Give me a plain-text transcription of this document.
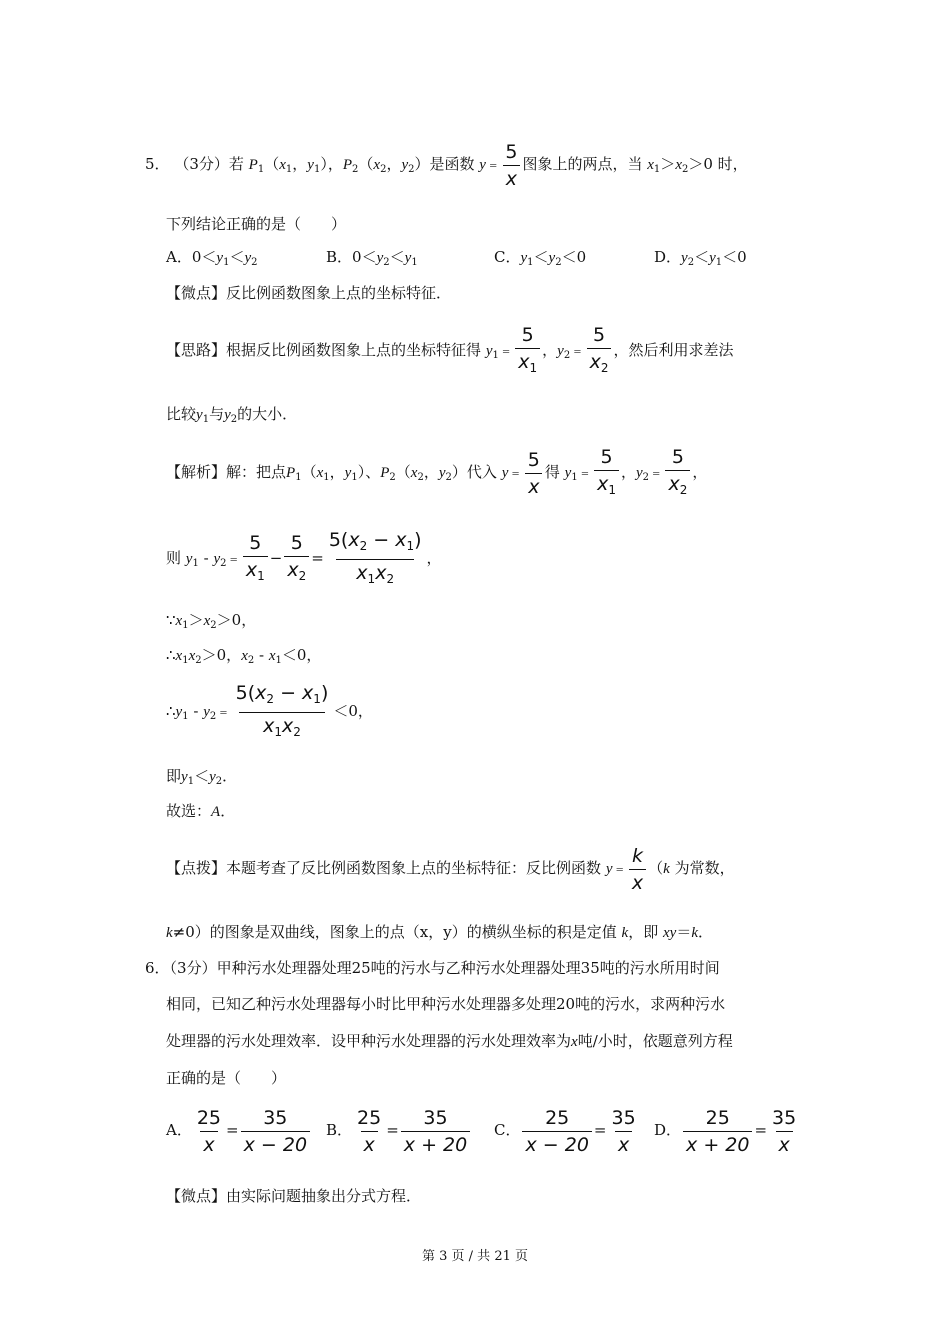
5． （3分）若 $P_1(x_1$，$y_1$），$P_2(x_2$，$y_2$）是函数 $y = \frac{5}{x}$ 图象上的两点，当 $x_1>x_2>0$ 时，
下列结论正确的是（　　）
A．$0<y_1<y_2$	B．$0<y_2<y_1$	C．$y_1<y_2<0$	D．$y_2<y_1<0$
【微点】反比例函数图象上点的坐标特征．
【思路】根据反比例函数图象上点的坐标特征得 $y_1 = \frac{5}{x_1}$ ，$y_2 = \frac{5}{x_2}$ ，然后利用求差法
比较$y_1$与$y_2$的大小．
【解析】解：把点$P_1(x_1$，$y_1$）、$P_2(x_2$，$y_2$）代入 $y = \frac{5}{x}$ 得 $y_1 = \frac{5}{x_1}$ ，$y_2 = \frac{5}{x_2}$ ，
则 $y_1 - y_2 = \frac{5}{x_1} - \frac{5}{x_2} = \frac{5(x_2 - x_1)}{x_1x_2}$ ，
$\because x_1>x_2>0$，
$\therefore x_1x_2>0$，$x_2 - x_1<0$，
$\therefore y_1 - y_2 = \frac{5(x_2 - x_1)}{x_1x_2} <0$，
即$y_1<y_2$．
故选：A．
【点拨】本题考查了反比例函数图象上点的坐标特征：反比例函数 $y = \frac{k}{x} (k$ 为常数，
k≠0）的图象是双曲线，图象上的点（x，y）的横纵坐标的积是定值 k，即 xy＝k．
6．（3分）甲种污水处理器处理25吨的污水与乙种污水处理器处理35吨的污水所用时间
相同，已知乙种污水处理器每小时比甲种污水处理器多处理20吨的污水，求两种污水
处理器的污水处理效率．设甲种污水处理器的污水处理效率为x吨/小时，依题意列方程
正确的是（　　）
A． $\frac{25}{x} = \frac{35}{x - 20}$ B． $\frac{25}{x} = \frac{35}{x + 20}$ C． $\frac{25}{x - 20} = \frac{35}{x}$ D． $\frac{25}{x + 20} = \frac{35}{x}$
【微点】由实际问题抽象出分式方程．
第 3 页 / 共 21 页
